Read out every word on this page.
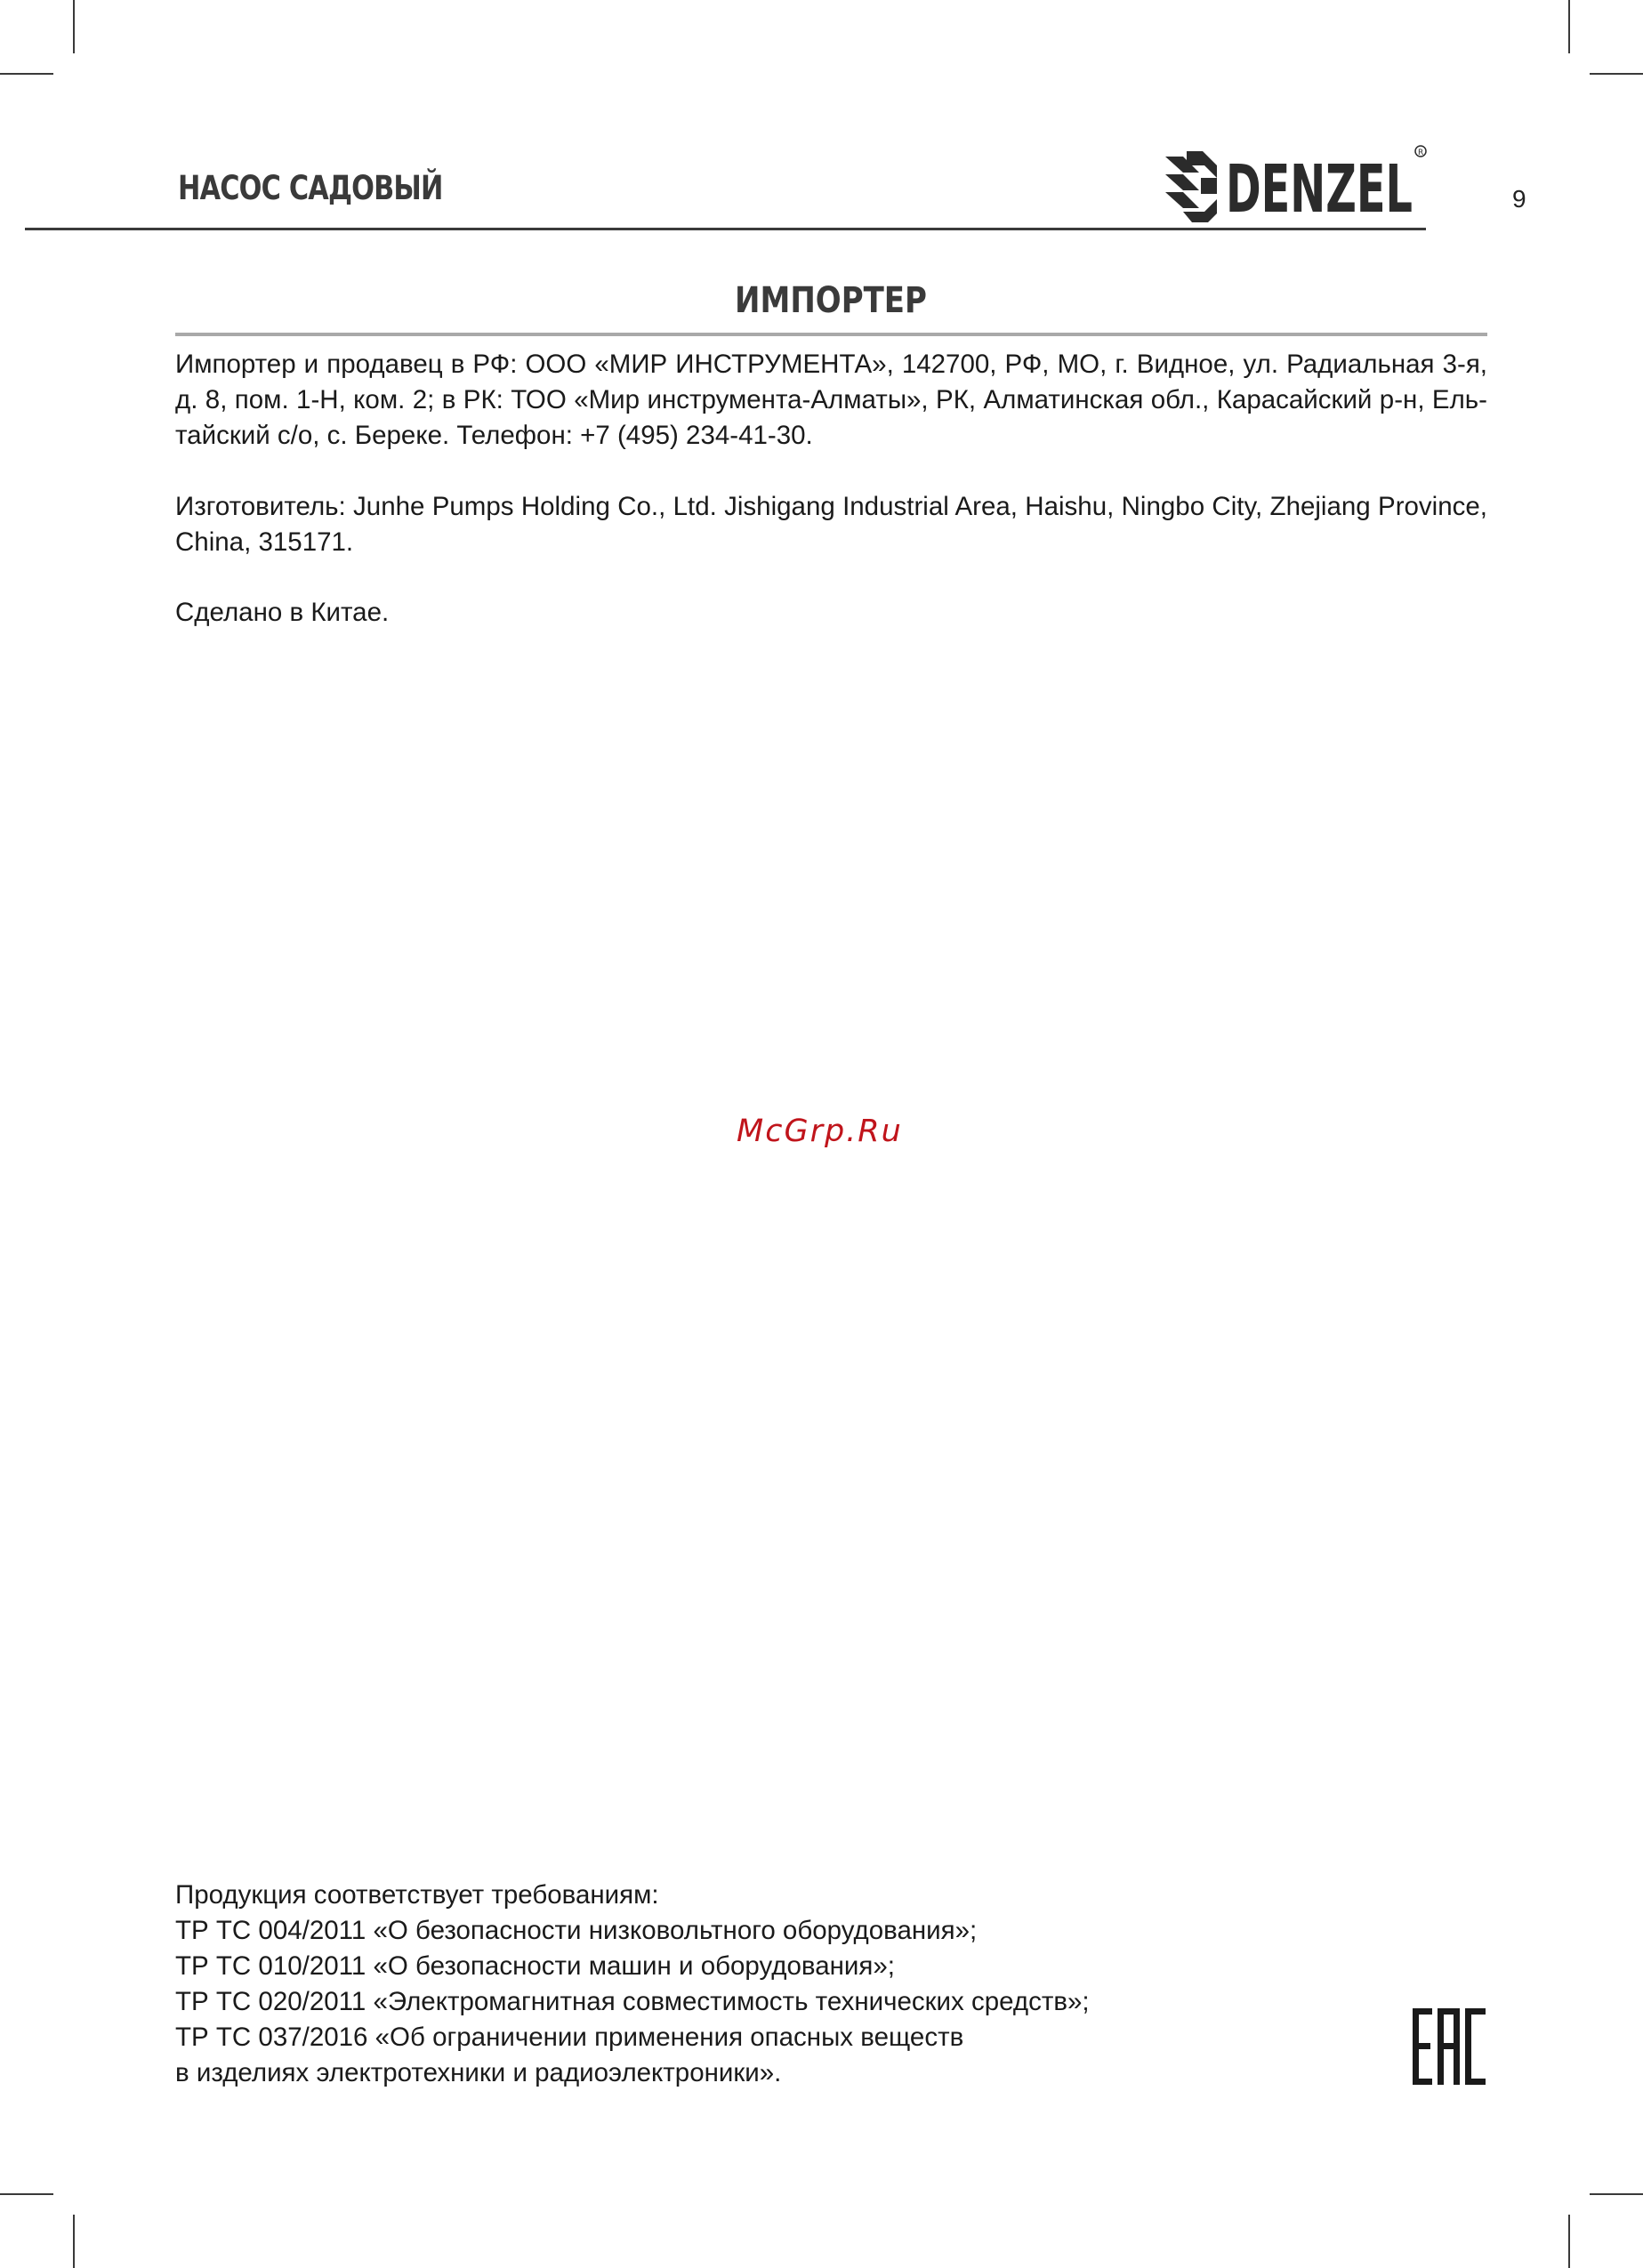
НАСОС САДОВЫЙ	DENZEL R
9
ИМПОРТЕР
Импортер и продавец в РФ: ООО «МИР ИНСТРУМЕНТА», 142700, РФ, МО, г. Видное, ул. Радиальная 3-я, д. 8, пом. 1-Н, ком. 2; в РК: ТОО «Мир инструмента-Алматы», РК, Алматинская обл., Карасайский р-н, Ель-тайский с/о, с. Береке. Телефон: +7 (495) 234-41-30.
Изготовитель: Junhe Pumps Holding Co., Ltd. Jishigang Industrial Area, Haishu, Ningbo City, Zhejiang Province, China, 315171.
Сделано в Китае.
McGrp.Ru
Продукция соответствует требованиям:
ТР ТС 004/2011 «О безопасности низковольтного оборудования»;
ТР ТС 010/2011 «О безопасности машин и оборудования»;
ТР ТС 020/2011 «Электромагнитная совместимость технических средств»;
ТР ТС 037/2016 «Об ограничении применения опасных веществ
в изделиях электротехники и радиоэлектроники».
